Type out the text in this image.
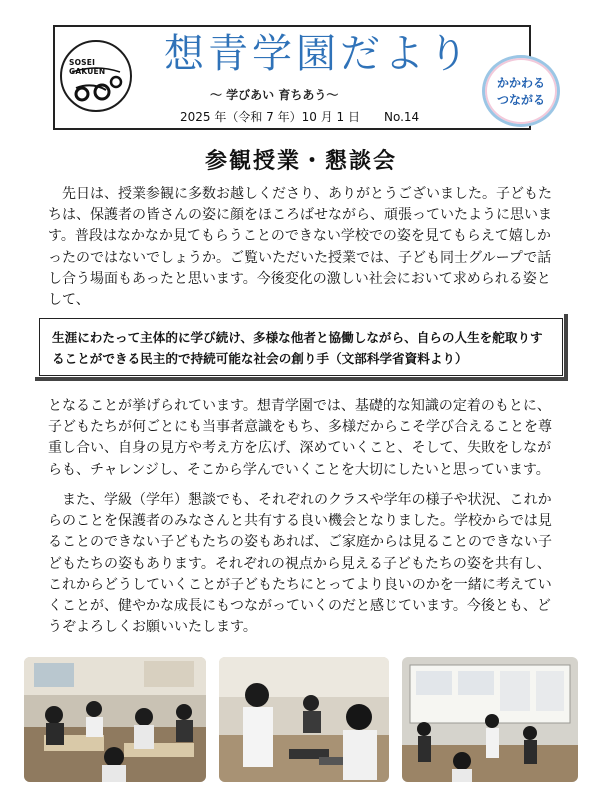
SOSEI GAKUEN	想青学園だより
～ 学びあい 育ちあう～
2025 年（令和 7 年）10 月 1 日　　No.14
かかわる
つながる
参観授業・懇談会

先日は、授業参観に多数お越しくださり、ありがとうございました。子どもたちは、保護者の皆さんの姿に顔をほころばせながら、頑張っていたように思います。普段はなかなか見てもらうことのできない学校での姿を見てもらえて嬉しかったのではないでしょうか。ご覧いただいた授業では、子ども同士グループで話し合う場面もあったと思います。今後変化の激しい社会において求められる姿として、

生涯にわたって主体的に学び続け、多様な他者と協働しながら、自らの人生を舵取りすることができる民主的で持続可能な社会の創り手（文部科学省資料より）

となることが挙げられています。想青学園では、基礎的な知識の定着のもとに、子どもたちが何ごとにも当事者意識をもち、多様だからこそ学び合えることを尊重し合い、自身の見方や考え方を広げ、深めていくこと、そして、失敗をしながらも、チャレンジし、そこから学んでいくことを大切にしたいと思っています。

また、学級（学年）懇談でも、それぞれのクラスや学年の様子や状況、これからのことを保護者のみなさんと共有する良い機会となりました。学校からでは見ることのできない子どもたちの姿もあれば、ご家庭からは見ることのできない子どもたちの姿もあります。それぞれの視点から見える子どもたちの姿を共有し、これからどうしていくことが子どもたちにとってより良いのかを一緒に考えていくことが、健やかな成長にもつながっていくのだと感じています。今後とも、どうぞよろしくお願いいたします。
